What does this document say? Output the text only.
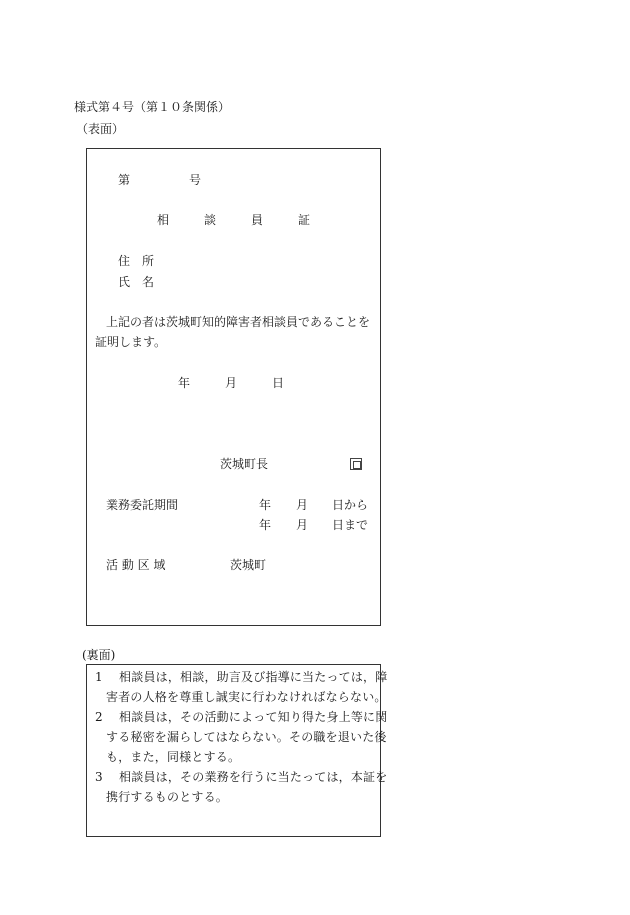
様式第４号（第１０条関係）
（表面）
第	号
相	談	員	証
住　所
氏　名
上記の者は茨城町知的障害者相談員であることを
証明します。
年	月	日
茨城町長
業務委託期間	年 月 日から
年 月 日まで
活 動 区 域	茨城町
(裏面)
1　 相談員は，相談，助言及び指導に当たっては，障
害者の人格を尊重し誠実に行わなければならない。
2　 相談員は，その活動によって知り得た身上等に関
する秘密を漏らしてはならない。その職を退いた後
も，また，同様とする。
3　 相談員は，その業務を行うに当たっては，本証を
携行するものとする。
